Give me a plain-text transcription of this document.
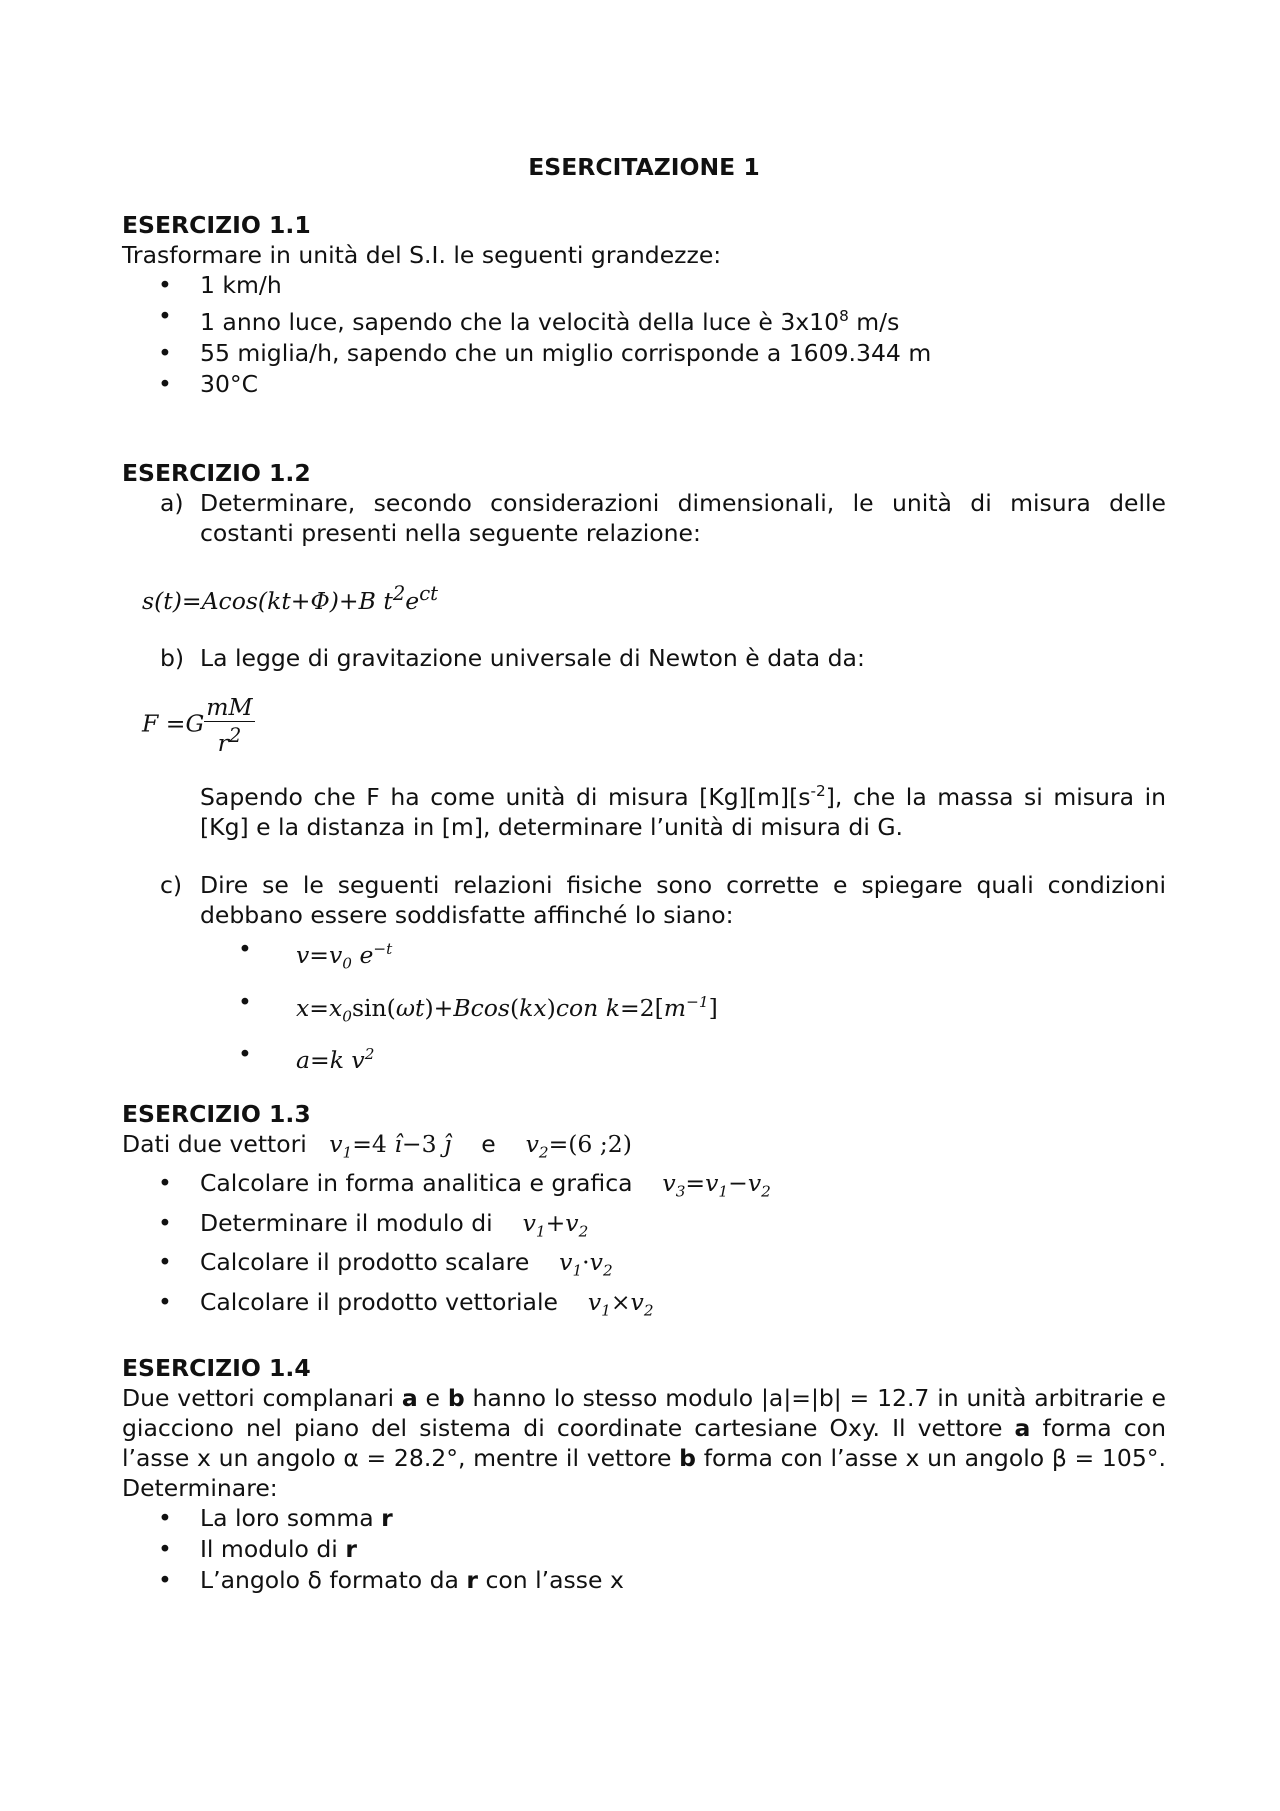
ESERCITAZIONE 1

ESERCIZIO 1.1

Trasformare in unità del S.I. le seguenti grandezze:

• 1 km/h
• 1 anno luce, sapendo che la velocità della luce è $3x10^8$ m/s
• 55 miglia/h, sapendo che un miglio corrisponde a 1609.344 m
• 30°C

ESERCIZIO 1.2

a) Determinare, secondo considerazioni dimensionali, le unità di misura delle costanti presenti nella seguente relazione:

s(t)=Acos(kt+Φ)+B $t^2e^{ct}$
b) La legge di gravitazione universale di Newton è data da:

$F =G \frac{mM}{r^2}$

Sapendo che F ha come unità di misura $[Kg][m][s^{-2}]$, che la massa si misura in [Kg] e la distanza in [m], determinare l’unità di misura di G.

c) Dire se le seguenti relazioni fisiche sono corrette e spiegare quali condizioni debbano essere soddisfatte affinché lo siano:

• $v=v_0$ $e^{-t}$
• $x=x_0\sin(\omega t)+Bcos(kx)con$ $k=2[m^{-1}]$
• a=k $v^2$

ESERCIZIO 1.3

Dati due vettori $v_1=4$ î−3 ĵ e $v_2=(6$ ;2)

• Calcolare in forma analitica e grafica $v_3=v_1-v_2$
• Determinare il modulo di $v_1+v_2$
• Calcolare il prodotto scalare $v_1\cdot v_2$
• Calcolare il prodotto vettoriale $v_1\times v_2$

ESERCIZIO 1.4

Due vettori complanari a e b hanno lo stesso modulo |a|=|b| = 12.7 in unità arbitrarie e giacciono nel piano del sistema di coordinate cartesiane Oxy. Il vettore a forma con l’asse x un angolo α = 28.2°, mentre il vettore b forma con l’asse x un angolo β = 105°. Determinare:

• La loro somma r
• Il modulo di r
• L’angolo δ formato da r con l’asse x
